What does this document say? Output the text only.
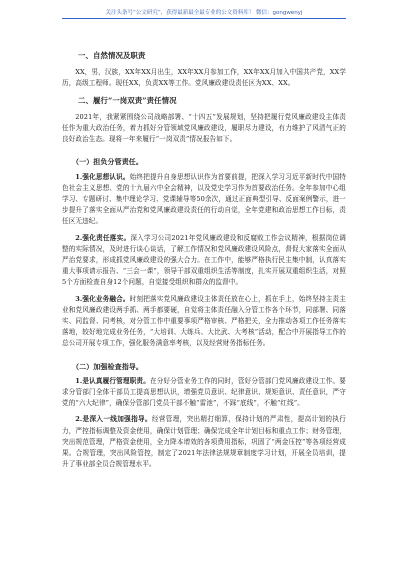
关注头条号“公文研究”，获得最新最全最专业的公文资料库！ 微信：gongwenyj
一、自然情况及职责

XX，男，汉族，XX年XX月出生，XX年XX月参加工作，XX年XX月加入中国共产党，XX学历，高级工程师。现任XX，负责XX等工作。党风廉政建设责任区为XX、XX。

二、履行“一岗双责”责任情况

2021年，我紧紧围绕公司战略部署、“十四五”发展规划，坚持把履行党风廉政建设主体责任作为重大政治任务，着力抓好分管领域党风廉政建设，履职尽力建设，有力维护了风清气正的良好政治生态。现将一年来履行“一岗双责”情况报告如下。

（一）担负分管责任。

1.强化思想认识。始终把提升自身思想认识作为首要前提，把深入学习习近平新时代中国特色社会主义思想、党的十九届六中全会精神，以及党史学习作为首要政治任务。全年参加中心组学习、专题研讨、集中理论学习、党课辅导等50余次，通过正面典型引导、反面案例警示，进一步提升了落实全面从严治党和党风廉政建设责任的行动自觉，全年党建和政治思想工作目标，责任区无违纪。

2.强化责任落实。深入学习公司2021年党风廉政建设和反腐败工作会议精神，根据岗位调整的实际情况，及时进行谈心谈话，了解工作情况和党风廉政建设风险点，督促大家落实全面从严治党要求，形成抓党风廉政建设的强大合力。在工作中，能够严格执行民主集中制，认真落实重大事项请示报告、“三会一课”，领导干部双重组织生活等制度，扎实开展双重组织生活，对照5个方面检查自身12个问题，自觉接受组织和群众的监督中。

3.强化业务融合。时刻把落实党风廉政建设主体责任放在心上，抓在手上，始终坚持主责主业和党风廉政建设两手抓、两手都要硬，自觉将主体责任融入分管工作各个环节，同部署、同落实、同监督、同考核，对分管工作中重要事项严格审核、严格把关，全力推动各项工作任务落实落地，较好地完成业务任务，“大培训、大练兵、大比武、大考核”活动，配合中开展指导工作的总公司开展专项工作，强化服务满意率考核，以及经营财务指标任务。

（二）加强检查指导。

1.是认真履行管理职责。在分好分管业务工作的同时，管好分管部门党风廉政建设工作。要求分管部门全体干部员工提高思想认识，增强党员意识、纪律意识、规矩意识、责任意识，严守党的“六大纪律”，确保分管部门党员干部不触“雷池”，不踩“底线”，不触“红线”。

2.是深入一线加强指导。经营管理，突出精打细算，保持计划的严肃性，提高计划的执行力，严控指标调整及资金使用，确保计划管理；确保完成全年计划目标和重点工作；财务管理，突出规范管理，严格资金使用，全力降本增效的各项费用指标，巩固了“两金压控”等各项经营成果。合规管理，突出风险管控，制定了2021年法律法规规章制度学习计划，开展全员培训，提升了事业部全员合规管理水平。
